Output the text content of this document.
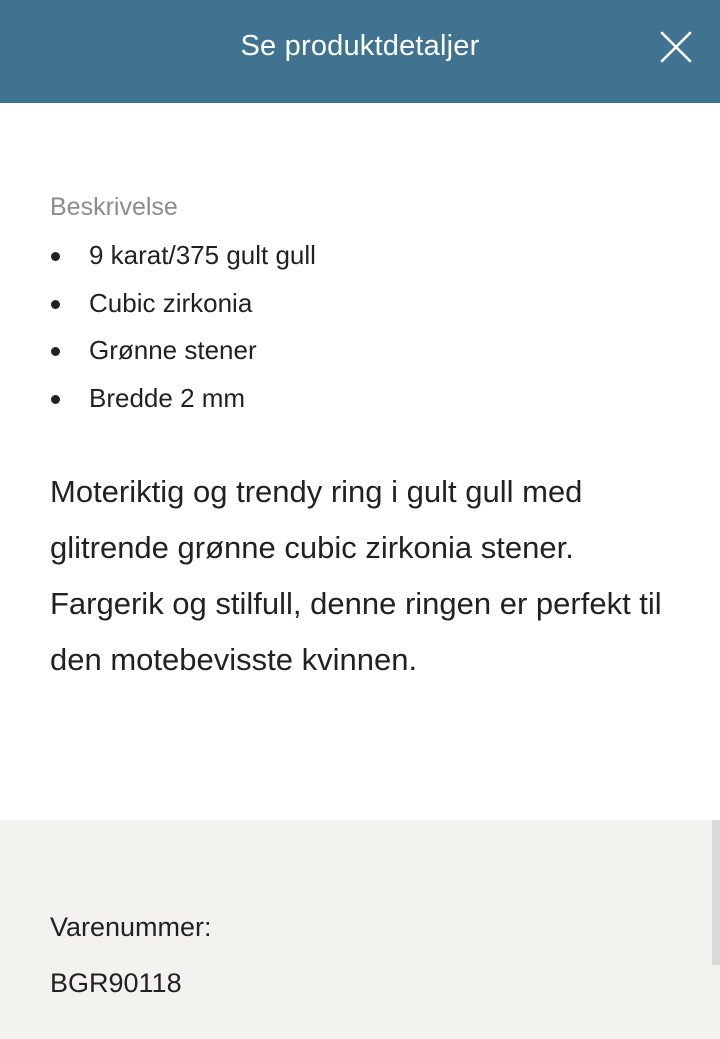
Se produktdetaljer

Beskrivelse

9 karat/375 gult gull
Cubic zirkonia
Grønne stener
Bredde 2 mm

Moteriktig og trendy ring i gult gull med glitrende grønne cubic zirkonia stener. Fargerik og stilfull, denne ringen er perfekt til den motebevisste kvinnen.

Varenummer:
BGR90118
